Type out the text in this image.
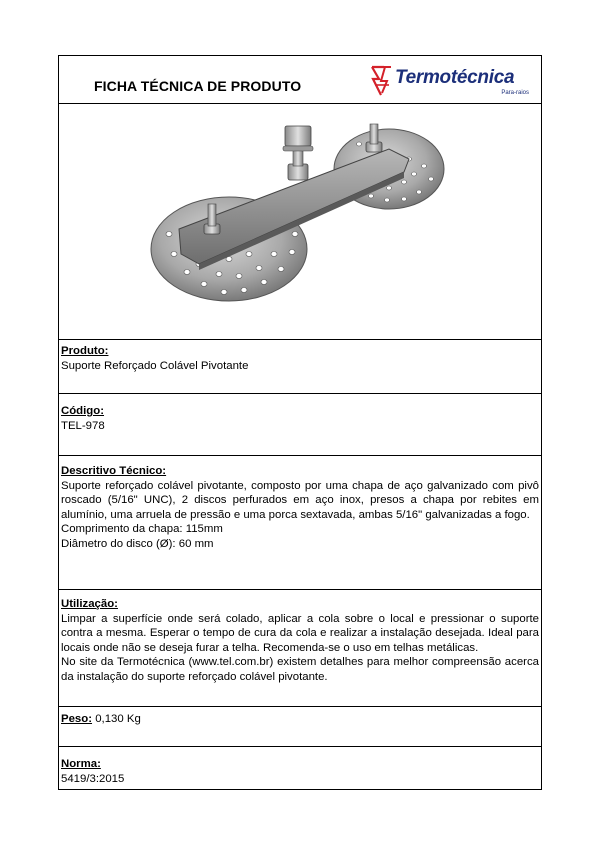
FICHA TÉCNICA DE PRODUTO	Termotécnica
Para-raios
Produto:
Suporte Reforçado Colável Pivotante
Código:
TEL-978
Descritivo Técnico:
Suporte reforçado colável pivotante, composto por uma chapa de aço galvanizado com pivô roscado (5/16" UNC), 2 discos perfurados em aço inox, presos a chapa por rebites em alumínio, uma arruela de pressão e uma porca sextavada, ambas 5/16" galvanizadas a fogo.
Comprimento da chapa: 115mm
Diâmetro do disco (Ø): 60 mm
Utilização:
Limpar a superfície onde será colado, aplicar a cola sobre o local e pressionar o suporte contra a mesma. Esperar o tempo de cura da cola e realizar a instalação desejada. Ideal para locais onde não se deseja furar a telha. Recomenda-se o uso em telhas metálicas.
No site da Termotécnica (www.tel.com.br) existem detalhes para melhor compreensão acerca da instalação do suporte reforçado colável pivotante.
Peso: 0,130 Kg
Norma:
5419/3:2015
